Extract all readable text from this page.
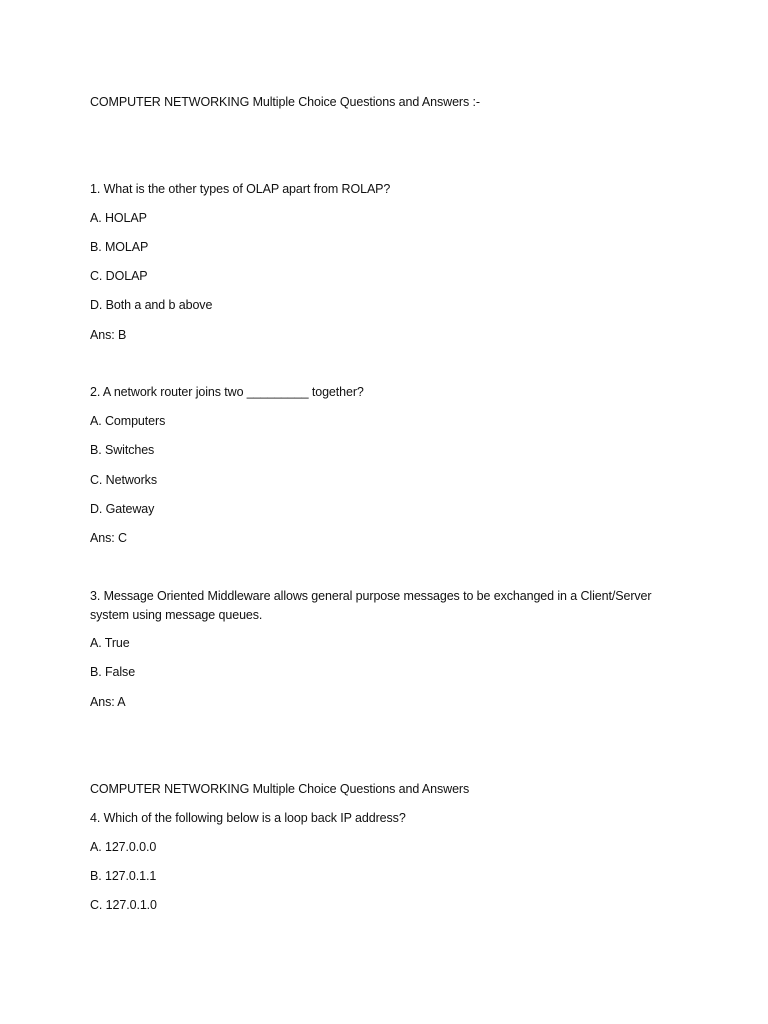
COMPUTER NETWORKING Multiple Choice Questions and Answers :-
1. What is the other types of OLAP apart from ROLAP?
A. HOLAP
B. MOLAP
C. DOLAP
D. Both a and b above
Ans: B
2. A network router joins two _________ together?
A. Computers
B. Switches
C. Networks
D. Gateway
Ans: C
3. Message Oriented Middleware allows general purpose messages to be exchanged in a Client/Server system using message queues.
A. True
B. False
Ans: A
COMPUTER NETWORKING Multiple Choice Questions and Answers
4. Which of the following below is a loop back IP address?
A. 127.0.0.0
B. 127.0.1.1
C. 127.0.1.0
